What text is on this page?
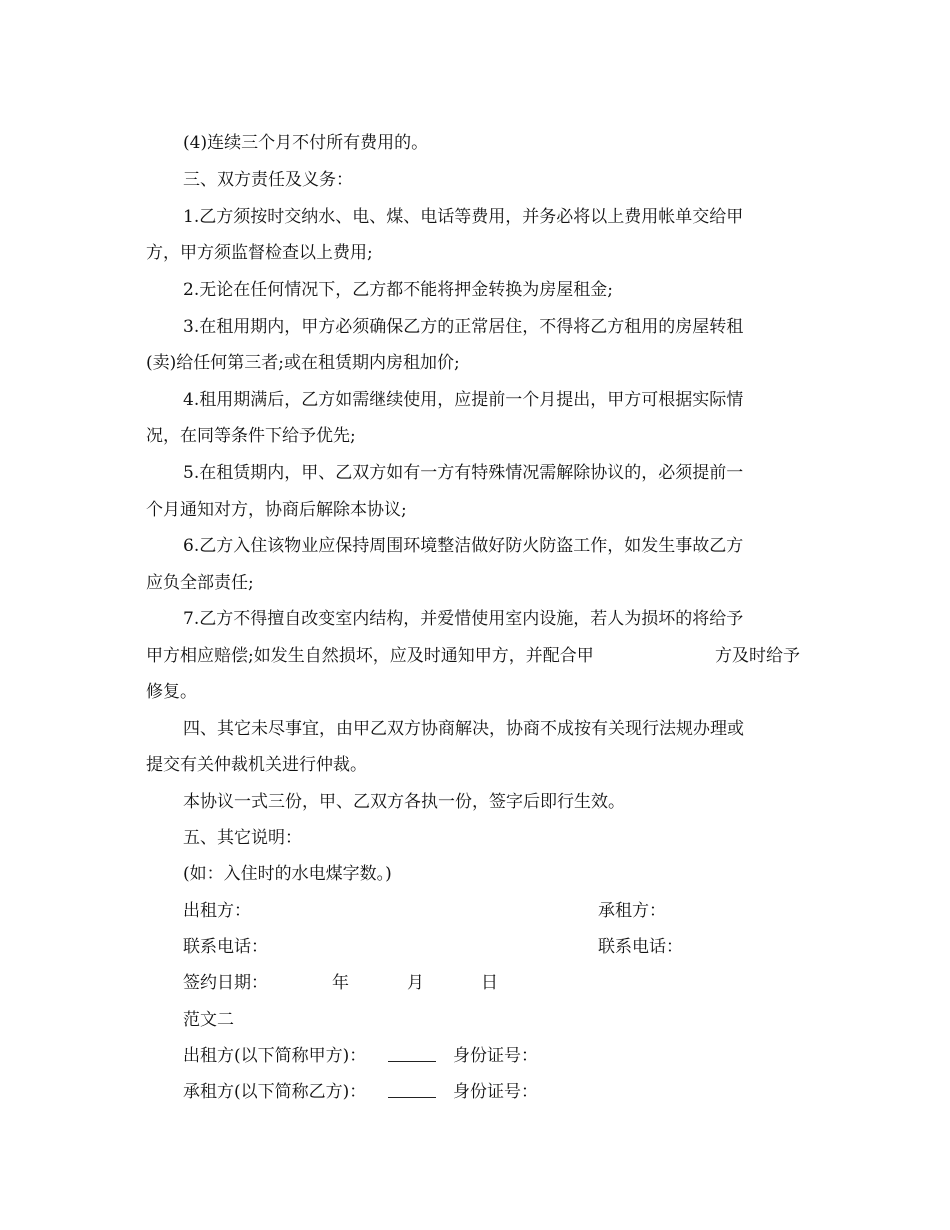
(4)连续三个月不付所有费用的。
三、双方责任及义务：
1.乙方须按时交纳水、电、煤、电话等费用，并务必将以上费用帐单交给甲
方，甲方须监督检查以上费用;
2.无论在任何情况下，乙方都不能将押金转换为房屋租金;
3.在租用期内，甲方必须确保乙方的正常居住，不得将乙方租用的房屋转租
(卖)给任何第三者;或在租赁期内房租加价;
4.租用期满后，乙方如需继续使用，应提前一个月提出，甲方可根据实际情
况，在同等条件下给予优先;
5.在租赁期内，甲、乙双方如有一方有特殊情况需解除协议的，必须提前一
个月通知对方，协商后解除本协议;
6.乙方入住该物业应保持周围环境整洁做好防火防盗工作，如发生事故乙方
应负全部责任;
7.乙方不得擅自改变室内结构，并爱惜使用室内设施，若人为损坏的将给予
甲方相应赔偿;如发生自然损坏，应及时通知甲方，并配合甲	方及时给予
修复。
四、其它未尽事宜，由甲乙双方协商解决，协商不成按有关现行法规办理或
提交有关仲裁机关进行仲裁。
本协议一式三份，甲、乙双方各执一份，签字后即行生效。
五、其它说明：
(如：入住时的水电煤字数。)
出租方：	承租方：
联系电话：	联系电话：
签约日期：	年	月	日
范文二
出租方(以下简称甲方)：	身份证号：
承租方(以下简称乙方)：	身份证号：
